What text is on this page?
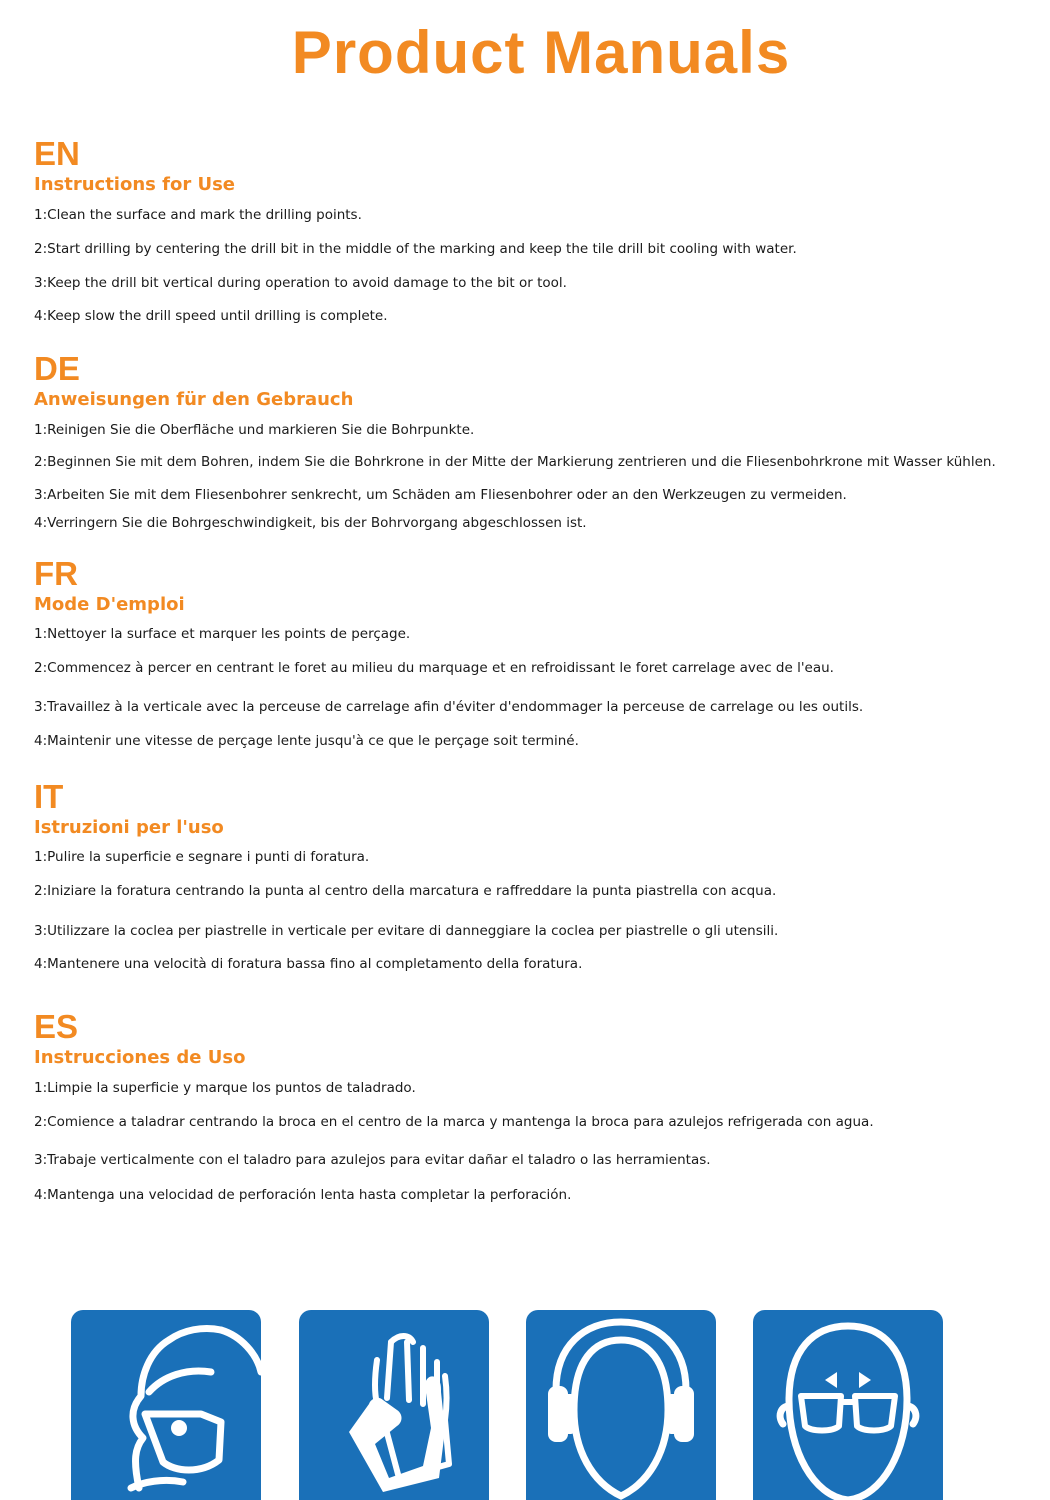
Product Manuals
EN
Instructions for Use
1:Clean the surface and mark the drilling points.
2:Start drilling by centering the drill bit in the middle of the marking and keep the tile drill bit cooling with water.
3:Keep the drill bit vertical during operation to avoid damage to the bit or tool.
4:Keep slow the drill speed until drilling is complete.
DE
Anweisungen für den Gebrauch
1:Reinigen Sie die Oberfläche und markieren Sie die Bohrpunkte.
2:Beginnen Sie mit dem Bohren, indem Sie die Bohrkrone in der Mitte der Markierung zentrieren und die Fliesenbohrkrone mit Wasser kühlen.
3:Arbeiten Sie mit dem Fliesenbohrer senkrecht, um Schäden am Fliesenbohrer oder an den Werkzeugen zu vermeiden.
4:Verringern Sie die Bohrgeschwindigkeit, bis der Bohrvorgang abgeschlossen ist.
FR
Mode D'emploi
1:Nettoyer la surface et marquer les points de perçage.
2:Commencez à percer en centrant le foret au milieu du marquage et en refroidissant le foret carrelage avec de l'eau.
3:Travaillez à la verticale avec la perceuse de carrelage afin d'éviter d'endommager la perceuse de carrelage ou les outils.
4:Maintenir une vitesse de perçage lente jusqu'à ce que le perçage soit terminé.
IT
Istruzioni per l'uso
1:Pulire la superficie e segnare i punti di foratura.
2:Iniziare la foratura centrando la punta al centro della marcatura e raffreddare la punta piastrella con acqua.
3:Utilizzare la coclea per piastrelle in verticale per evitare di danneggiare la coclea per piastrelle o gli utensili.
4:Mantenere una velocità di foratura bassa fino al completamento della foratura.
ES
Instrucciones de Uso
1:Limpie la superficie y marque los puntos de taladrado.
2:Comience a taladrar centrando la broca en el centro de la marca y mantenga la broca para azulejos refrigerada con agua.
3:Trabaje verticalmente con el taladro para azulejos para evitar dañar el taladro o las herramientas.
4:Mantenga una velocidad de perforación lenta hasta completar la perforación.
